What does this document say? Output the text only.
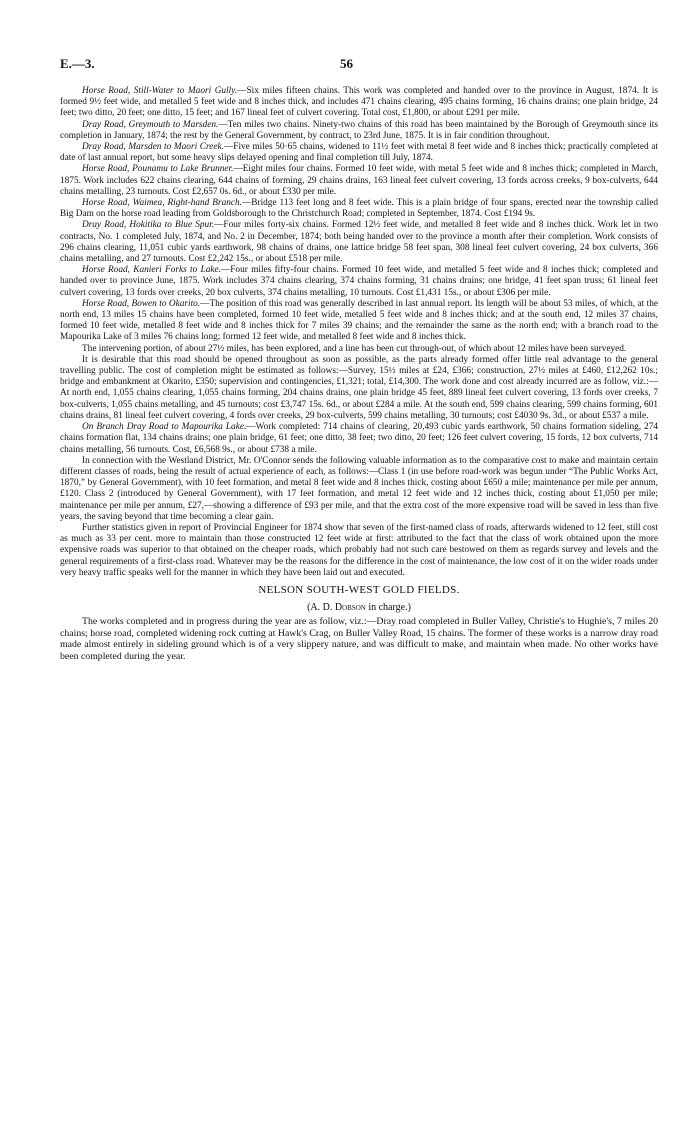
E.—3.	56

Horse Road, Still-Water to Maori Gully.—Six miles fifteen chains. This work was completed and handed over to the province in August, 1874. It is formed 9½ feet wide, and metalled 5 feet wide and 8 inches thick, and includes 471 chains clearing, 495 chains forming, 16 chains drains; one plain bridge, 24 feet; two ditto, 20 feet; one ditto, 15 feet; and 167 lineal feet of culvert covering. Total cost, £1,800, or about £291 per mile.

Dray Road, Greymouth to Marsden.—Ten miles two chains. Ninety-two chains of this road has been maintained by the Borough of Greymouth since its completion in January, 1874; the rest by the General Government, by contract, to 23rd June, 1875. It is in fair condition throughout.

Dray Road, Marsden to Maori Creek.—Five miles 50·65 chains, widened to 11½ feet with metal 8 feet wide and 8 inches thick; practically completed at date of last annual report, but some heavy slips delayed opening and final completion till July, 1874.

Horse Road, Pounamu to Lake Brunner.—Eight miles four chains. Formed 10 feet wide, with metal 5 feet wide and 8 inches thick; completed in March, 1875. Work includes 622 chains clearing, 644 chains of forming, 29 chains drains, 163 lineal feet culvert covering, 13 fords across creeks, 9 box-culverts, 644 chains metalling, 23 turnouts. Cost £2,657 0s. 6d., or about £330 per mile.

Horse Road, Waimea, Right-hand Branch.—Bridge 113 feet long and 8 feet wide. This is a plain bridge of four spans, erected near the township called Big Dam on the horse road leading from Goldsborough to the Christchurch Road; completed in September, 1874. Cost £194 9s.

Dray Road, Hokitika to Blue Spur.—Four miles forty-six chains. Formed 12½ feet wide, and metalled 8 feet wide and 8 inches thick. Work let in two contracts, No. 1 completed July, 1874, and No. 2 in December, 1874; both being handed over to the province a month after their completion. Work consists of 296 chains clearing, 11,051 cubic yards earthwork, 98 chains of drains, one lattice bridge 58 feet span, 308 lineal feet culvert covering, 24 box culverts, 366 chains metalling, and 27 turnouts. Cost £2,242 15s., or about £518 per mile.

Horse Road, Kanieri Forks to Lake.—Four miles fifty-four chains. Formed 10 feet wide, and metalled 5 feet wide and 8 inches thick; completed and handed over to province June, 1875. Work includes 374 chains clearing, 374 chains forming, 31 chains drains; one bridge, 41 feet span truss; 61 lineal feet culvert covering, 13 fords over creeks, 20 box culverts, 374 chains metalling, 10 turnouts. Cost £1,431 15s., or about £306 per mile.

Horse Road, Bowen to Okarito.—The position of this road was generally described in last annual report. Its length will be about 53 miles, of which, at the north end, 13 miles 15 chains have been completed, formed 10 feet wide, metalled 5 feet wide and 8 inches thick; and at the south end, 12 miles 37 chains, formed 10 feet wide, metalled 8 feet wide and 8 inches thick for 7 miles 39 chains; and the remainder the same as the north end; with a branch road to the Mapourika Lake of 3 miles 76 chains long; formed 12 feet wide, and metalled 8 feet wide and 8 inches thick.

The intervening portion, of about 27½ miles, has been explored, and a line has been cut through-out, of which about 12 miles have been surveyed.

It is desirable that this road should be opened throughout as soon as possible, as the parts already formed offer little real advantage to the general travelling public. The cost of completion might be estimated as follows:—Survey, 15½ miles at £24, £366; construction, 27½ miles at £460, £12,262 10s.; bridge and embankment at Okarito, £350; supervision and contingencies, £1,321; total, £14,300. The work done and cost already incurred are as follow, viz.:—At north end, 1,055 chains clearing, 1,055 chains forming, 204 chains drains, one plain bridge 45 feet, 889 lineal feet culvert covering, 13 fords over creeks, 7 box-culverts, 1,055 chains metalling, and 45 turnouts; cost £3,747 15s. 6d., or about £284 a mile. At the south end, 599 chains clearing, 599 chains forming, 601 chains drains, 81 lineal feet culvert covering, 4 fords over creeks, 29 box-culverts, 599 chains metalling, 30 turnouts; cost £4030 9s. 3d., or about £537 a mile.

On Branch Dray Road to Mapourika Lake.—Work completed: 714 chains of clearing, 20,493 cubic yards earthwork, 50 chains formation sideling, 274 chains formation flat, 134 chains drains; one plain bridge, 61 feet; one ditto, 38 feet; two ditto, 20 feet; 126 feet culvert covering, 15 fords, 12 box culverts, 714 chains metalling, 56 turnouts. Cost, £6,568 9s., or about £738 a mile.

In connection with the Westland District, Mr. O'Connor sends the following valuable information as to the comparative cost to make and maintain certain different classes of roads, being the result of actual experience of each, as follows:—Class 1 (in use before road-work was begun under “The Public Works Act, 1870,” by General Government), with 10 feet formation, and metal 8 feet wide and 8 inches thick, costing about £650 a mile; maintenance per mile per annum, £120. Class 2 (introduced by General Government), with 17 feet formation, and metal 12 feet wide and 12 inches thick, costing about £1,050 per mile; maintenance per mile per annum, £27,—showing a difference of £93 per mile, and that the extra cost of the more expensive road will be saved in less than five years, the saving beyond that time becoming a clear gain.

Further statistics given in report of Provincial Engineer for 1874 show that seven of the first-named class of roads, afterwards widened to 12 feet, still cost as much as 33 per cent. more to maintain than those constructed 12 feet wide at first: attributed to the fact that the class of work obtained upon the more expensive roads was superior to that obtained on the cheaper roads, which probably had not such care bestowed on them as regards survey and levels and the general requirements of a first-class road. Whatever may be the reasons for the difference in the cost of maintenance, the low cost of it on the wider roads under very heavy traffic speaks well for the manner in which they have been laid out and executed.

NELSON SOUTH-WEST GOLD FIELDS.
(A. D. Dobson in charge.)

The works completed and in progress during the year are as follow, viz.:—Dray road completed in Buller Valley, Christie's to Hughie's, 7 miles 20 chains; horse road, completed widening rock cutting at Hawk's Crag, on Buller Valley Road, 15 chains. The former of these works is a narrow dray road made almost entirely in sideling ground which is of a very slippery nature, and was difficult to make, and maintain when made. No other works have been completed during the year.
